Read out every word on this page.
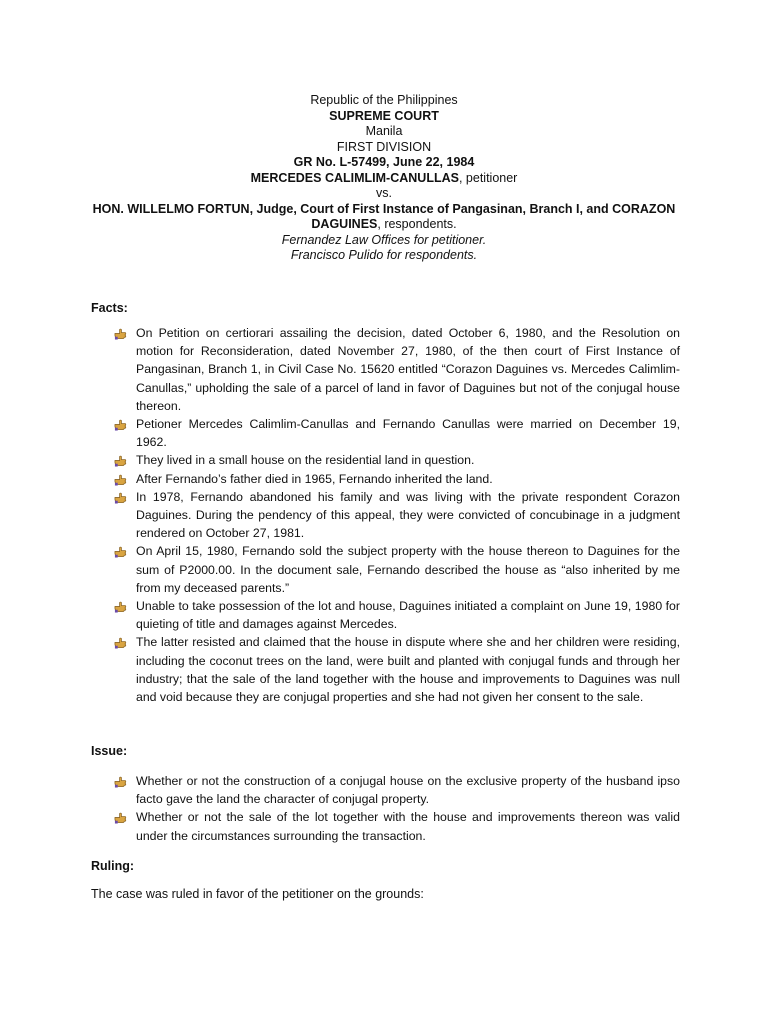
Republic of the Philippines
SUPREME COURT
Manila
FIRST DIVISION
GR No. L-57499, June 22, 1984
MERCEDES CALIMLIM-CANULLAS, petitioner
vs.
HON. WILLELMO FORTUN, Judge, Court of First Instance of Pangasinan, Branch I, and CORAZON
DAGUINES, respondents.
Fernandez Law Offices for petitioner.
Francisco Pulido for respondents.
Facts:
On Petition on certiorari assailing the decision, dated October 6, 1980, and the Resolution on motion for Reconsideration, dated November 27, 1980, of the then court of First Instance of Pangasinan, Branch 1, in Civil Case No. 15620 entitled “Corazon Daguines vs. Mercedes Calimlim-Canullas,” upholding the sale of a parcel of land in favor of Daguines but not of the conjugal house thereon.
Petioner Mercedes Calimlim-Canullas and Fernando Canullas were married on December 19, 1962.
They lived in a small house on the residential land in question.
After Fernando’s father died in 1965, Fernando inherited the land.
In 1978, Fernando abandoned his family and was living with the private respondent Corazon Daguines. During the pendency of this appeal, they were convicted of concubinage in a judgment rendered on October 27, 1981.
On April 15, 1980, Fernando sold the subject property with the house thereon to Daguines for the sum of P2000.00. In the document sale, Fernando described the house as “also inherited by me from my deceased parents.”
Unable to take possession of the lot and house, Daguines initiated a complaint on June 19, 1980 for quieting of title and damages against Mercedes.
The latter resisted and claimed that the house in dispute where she and her children were residing, including the coconut trees on the land, were built and planted with conjugal funds and through her industry; that the sale of the land together with the house and improvements to Daguines was null and void because they are conjugal properties and she had not given her consent to the sale.
Issue:
Whether or not the construction of a conjugal house on the exclusive property of the husband ipso facto gave the land the character of conjugal property.
Whether or not the sale of the lot together with the house and improvements thereon was valid under the circumstances surrounding the transaction.
Ruling:
The case was ruled in favor of the petitioner on the grounds:
